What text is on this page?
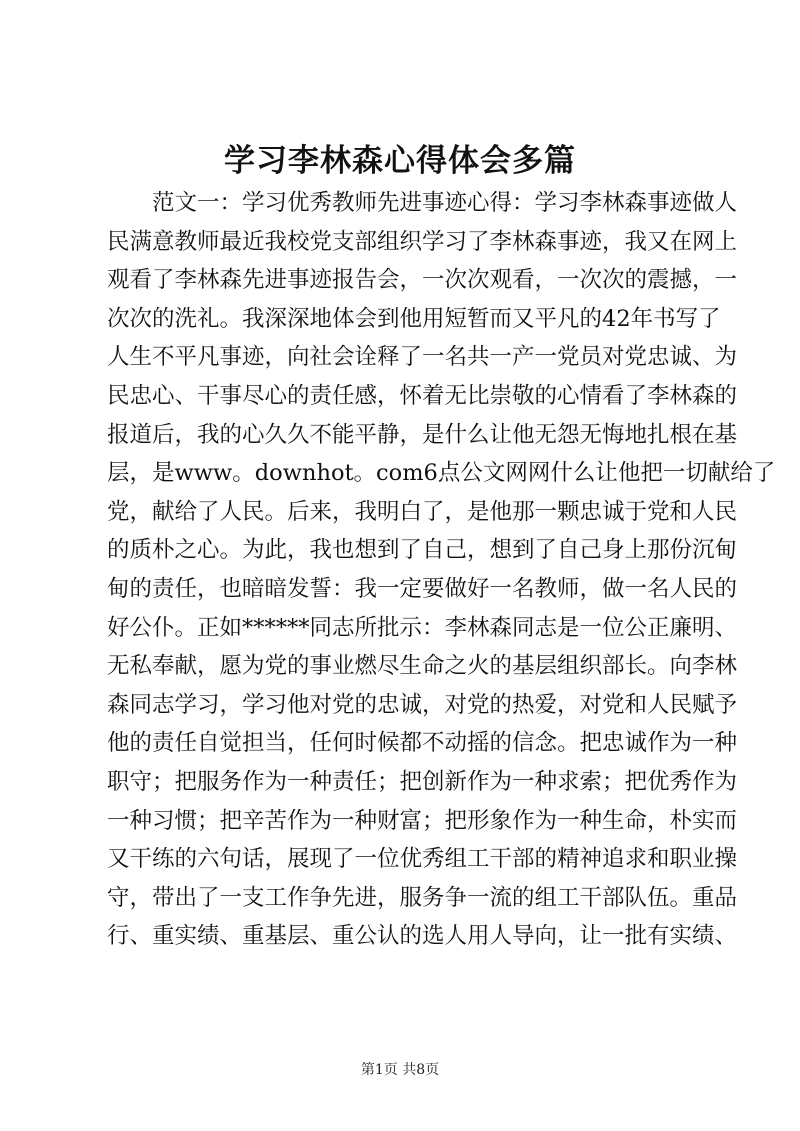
学习李林森心得体会多篇
　　范文一：学习优秀教师先进事迹心得：学习李林森事迹做人
民满意教师最近我校党支部组织学习了李林森事迹，我又在网上
观看了李林森先进事迹报告会，一次次观看，一次次的震撼，一
次次的洗礼。我深深地体会到他用短暂而又平凡的42年书写了
人生不平凡事迹，向社会诠释了一名共一产一党员对党忠诚、为
民忠心、干事尽心的责任感，怀着无比崇敬的心情看了李林森的
报道后，我的心久久不能平静，是什么让他无怨无悔地扎根在基
层，是www。downhot。com6点公文网网什么让他把一切献给了
党，献给了人民。后来，我明白了，是他那一颗忠诚于党和人民
的质朴之心。为此，我也想到了自己，想到了自己身上那份沉甸
甸的责任，也暗暗发誓：我一定要做好一名教师，做一名人民的
好公仆。正如******同志所批示：李林森同志是一位公正廉明、
无私奉献，愿为党的事业燃尽生命之火的基层组织部长。向李林
森同志学习，学习他对党的忠诚，对党的热爱，对党和人民赋予
他的责任自觉担当，任何时候都不动摇的信念。把忠诚作为一种
职守；把服务作为一种责任；把创新作为一种求索；把优秀作为
一种习惯；把辛苦作为一种财富；把形象作为一种生命，朴实而
又干练的六句话，展现了一位优秀组工干部的精神追求和职业操
守，带出了一支工作争先进，服务争一流的组工干部队伍。重品
行、重实绩、重基层、重公认的选人用人导向，让一批有实绩、
第1页 共8页
